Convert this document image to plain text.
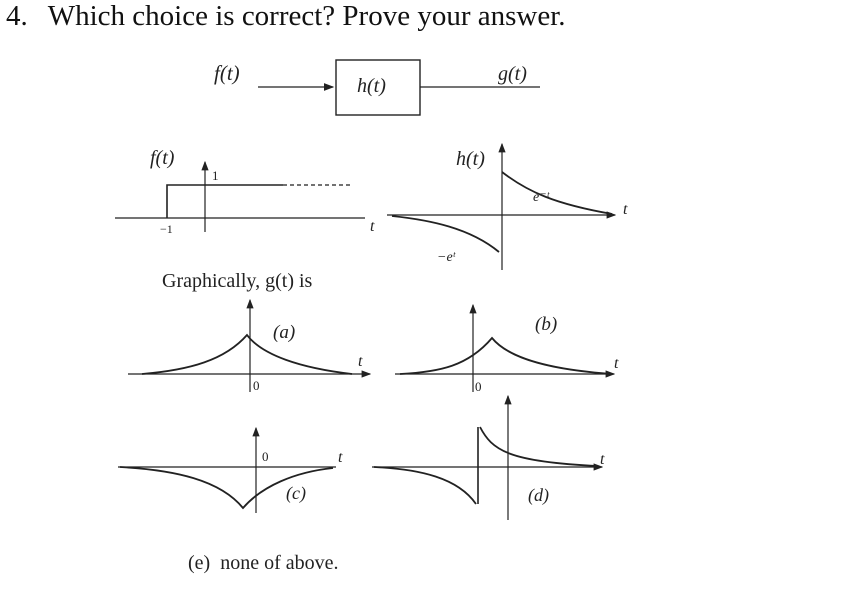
4. Which choice is correct? Prove your answer.
f(t)
h(t)
g(t)
f(t)
1
−1	t
h(t)
e⁻ᵗ
−eᵗ
t
(a)
0
t
(b)
0
t
(c)
0	t
(d)
t
Graphically, g(t) is
(e)  none of above.
